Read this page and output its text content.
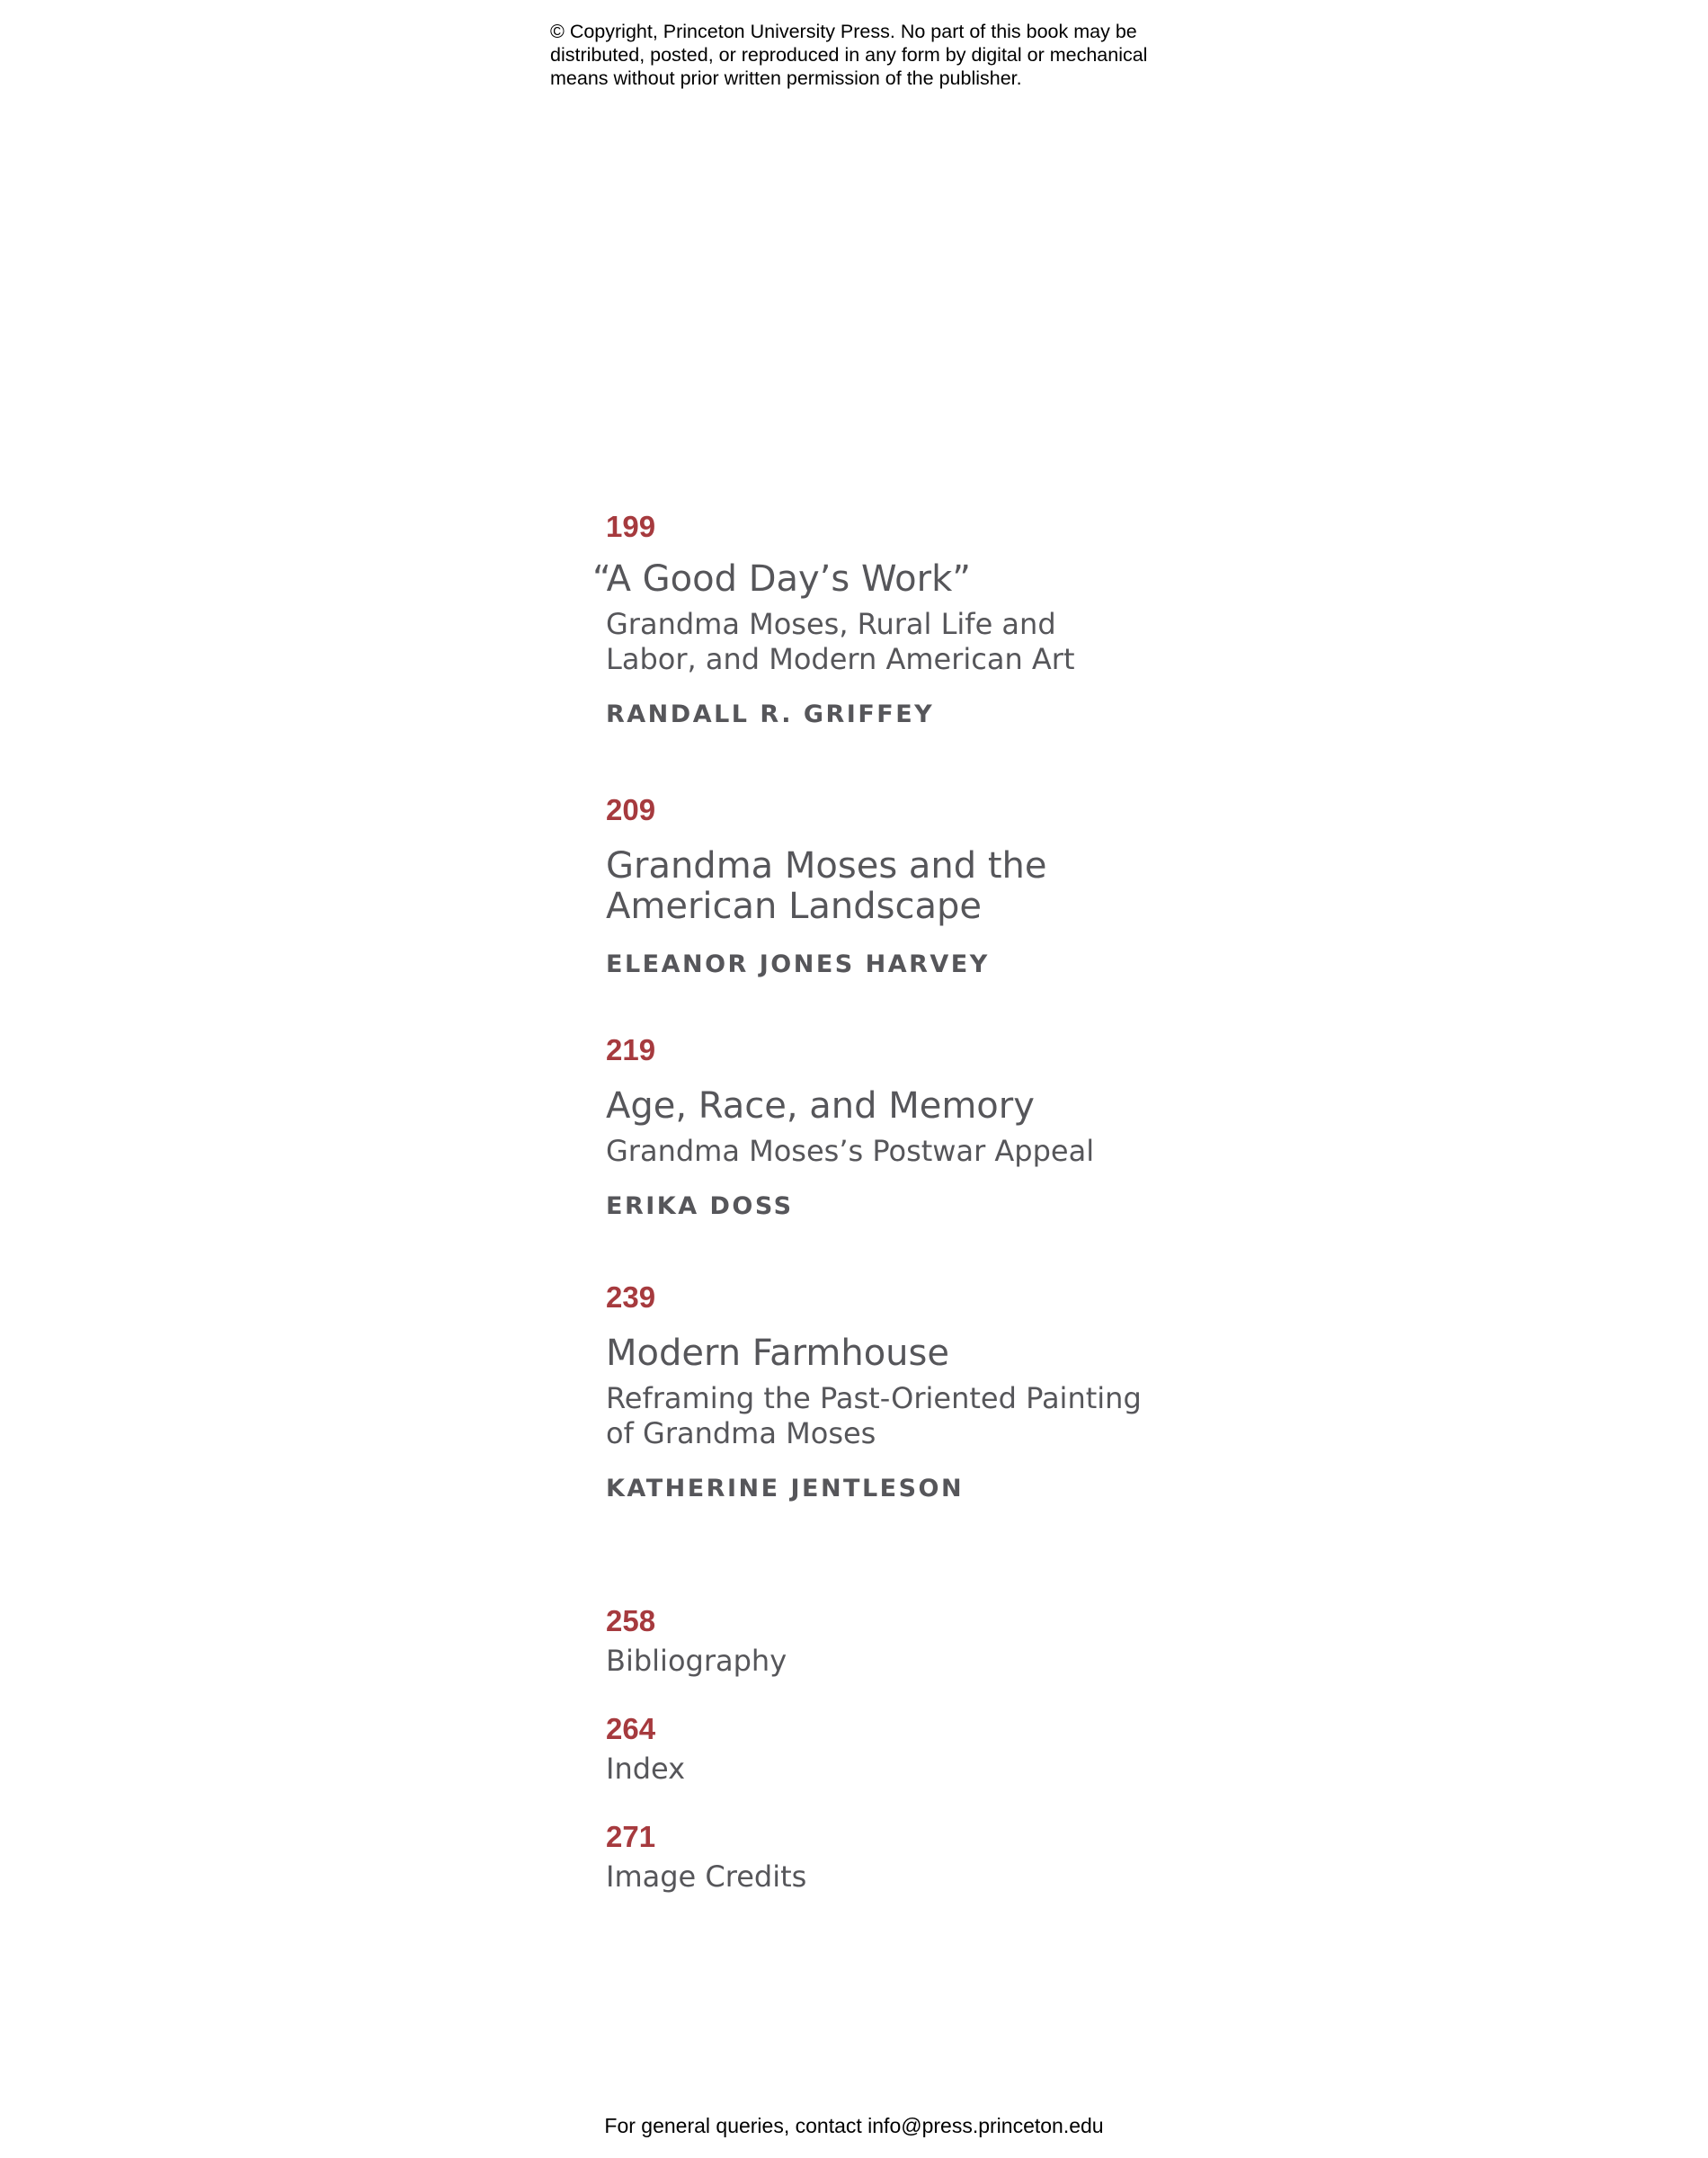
© Copyright, Princeton University Press. No part of this book may be distributed, posted, or reproduced in any form by digital or mechanical means without prior written permission of the publisher.
199
“A Good Day’s Work”
Grandma Moses, Rural Life and
Labor, and Modern American Art
RANDALL R. GRIFFEY
209
Grandma Moses and the American Landscape
ELEANOR JONES HARVEY
219
Age, Race, and Memory
Grandma Moses’s Postwar Appeal
ERIKA DOSS
239
Modern Farmhouse
Reframing the Past-Oriented Painting
of Grandma Moses
KATHERINE JENTLESON
258
Bibliography
264
Index
271
Image Credits
For general queries, contact info@press.princeton.edu
